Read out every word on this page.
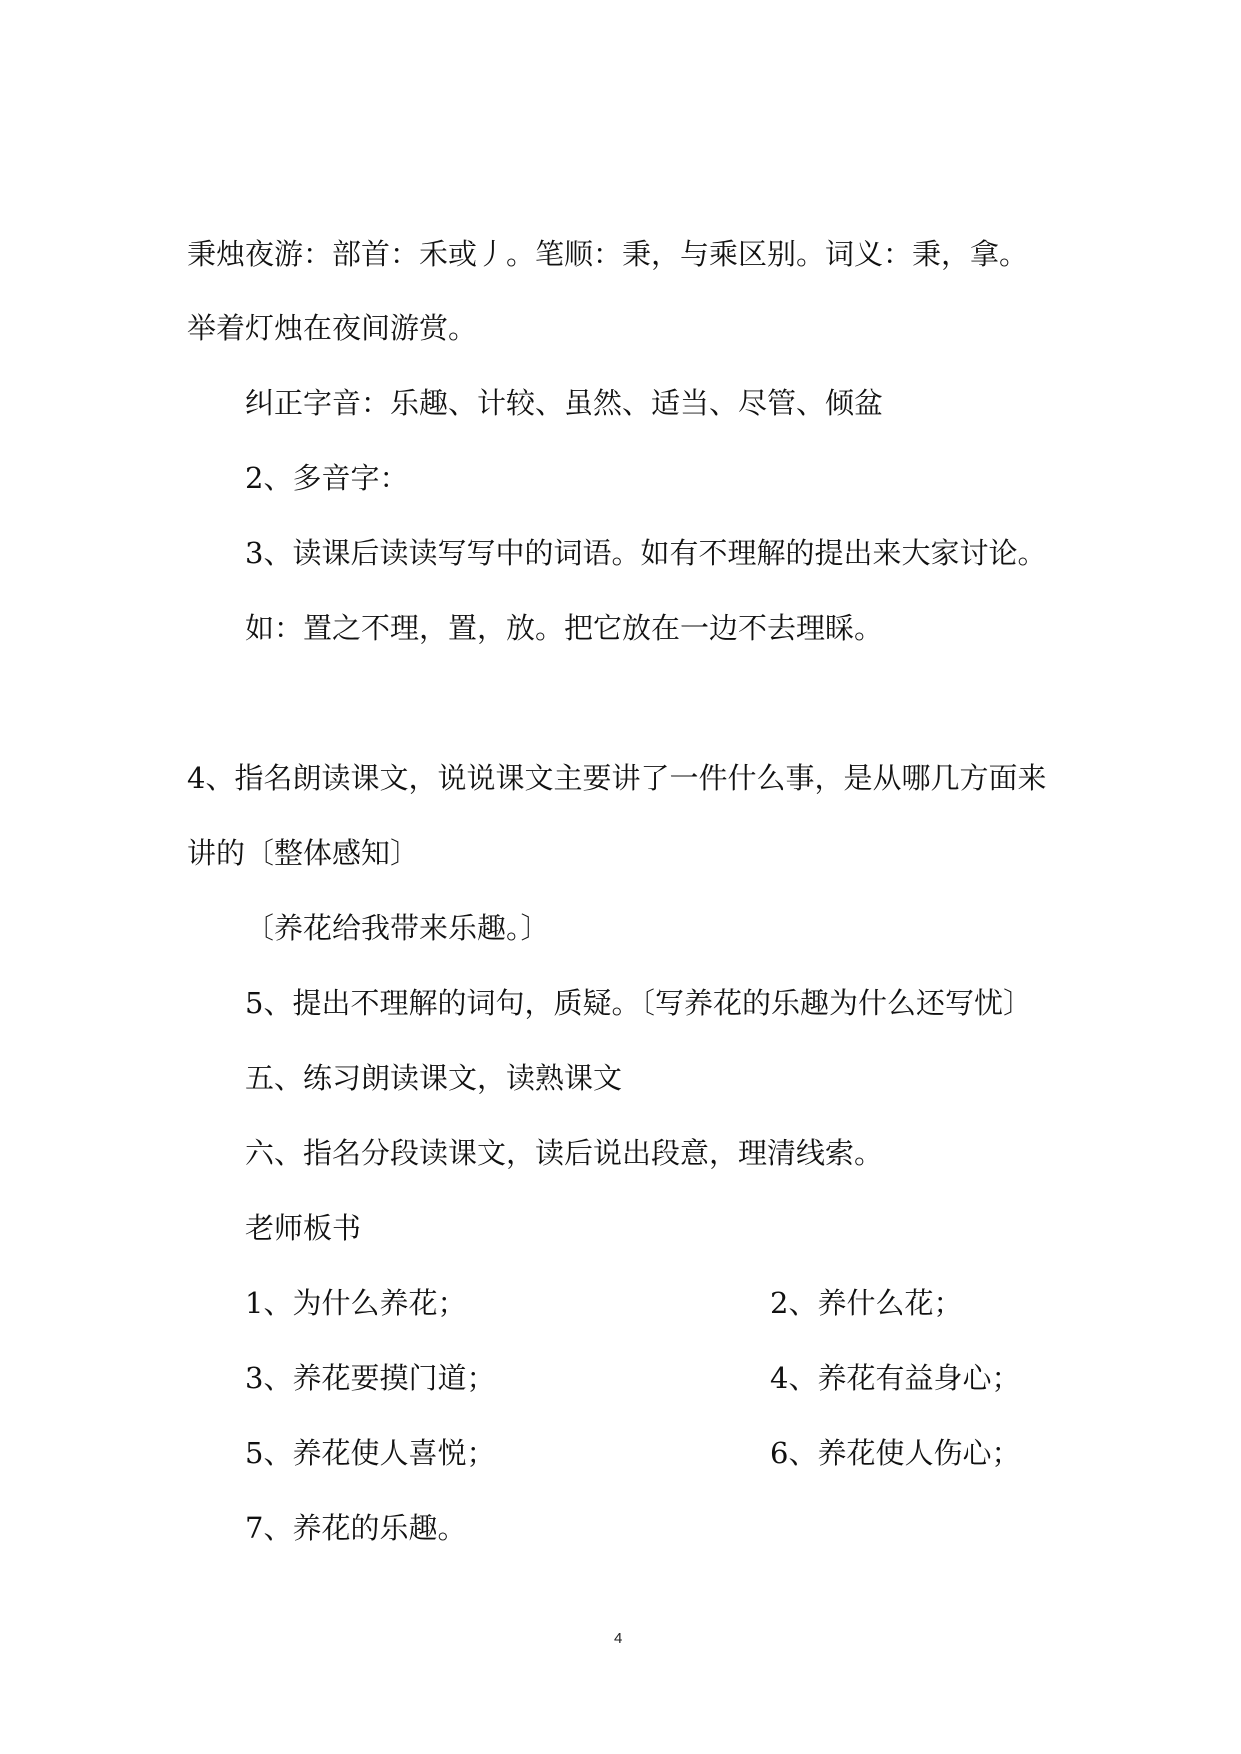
秉烛夜游：部首：禾或丿。笔顺：秉，与乘区别。词义：秉，拿。
举着灯烛在夜间游赏。
纠正字音：乐趣、计较、虽然、适当、尽管、倾盆
2、多音字：
3、读课后读读写写中的词语。如有不理解的提出来大家讨论。
如：置之不理，置，放。把它放在一边不去理睬。
4、指名朗读课文，说说课文主要讲了一件什么事，是从哪几方面来
讲的〔整体感知〕
〔养花给我带来乐趣。〕
5、提出不理解的词句，质疑。〔写养花的乐趣为什么还写忧〕
五、练习朗读课文，读熟课文
六、指名分段读课文，读后说出段意，理清线索。
老师板书
1、为什么养花；	2、养什么花；
3、养花要摸门道；	4、养花有益身心；
5、养花使人喜悦；	6、养花使人伤心；
7、养花的乐趣。
4
